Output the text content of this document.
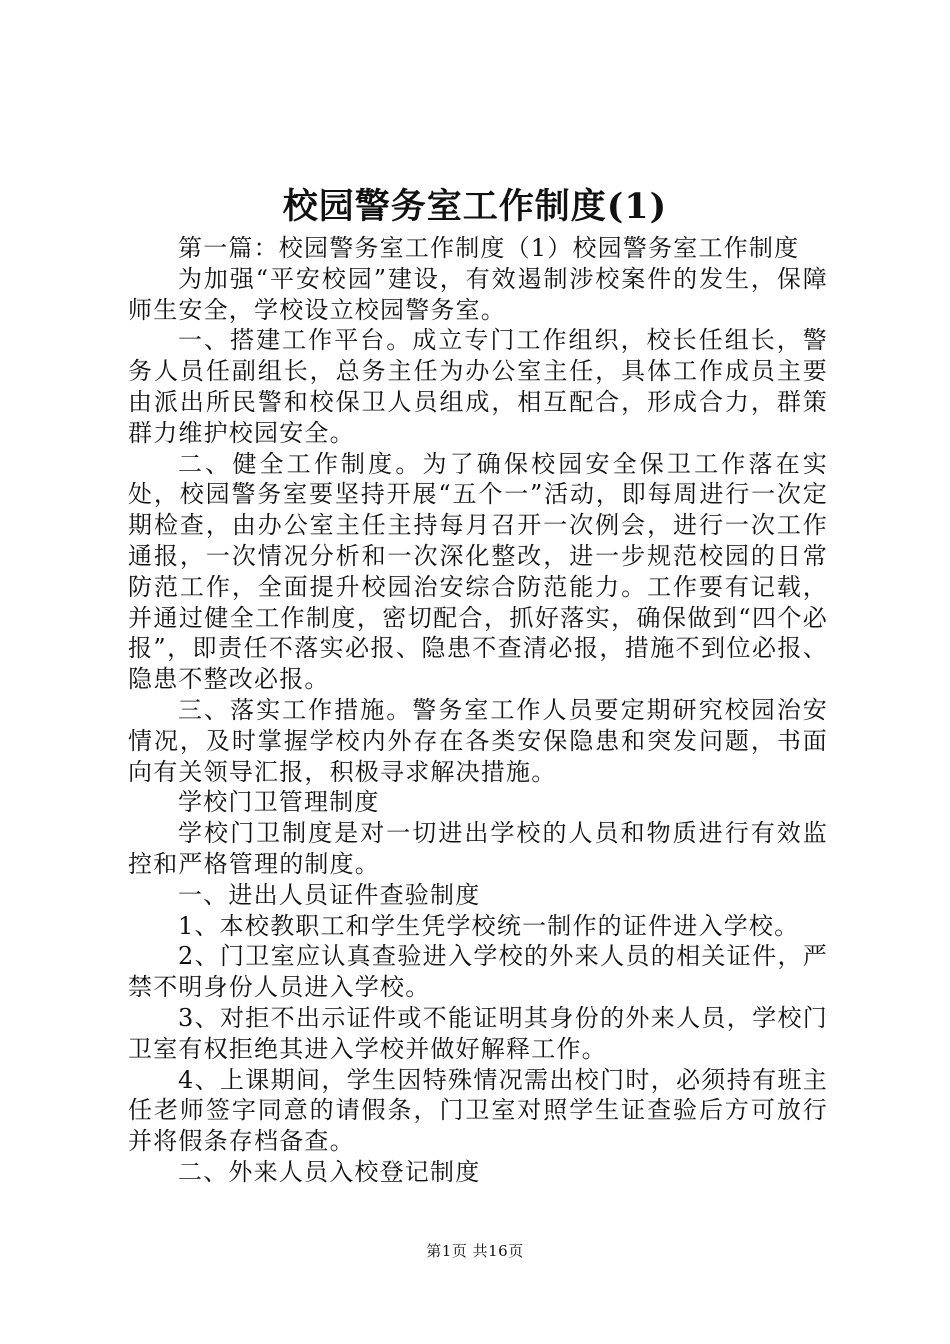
校园警务室工作制度(1)

第一篇：校园警务室工作制度（1）校园警务室工作制度

为加强“平安校园”建设，有效遏制涉校案件的发生，保障师生安全，学校设立校园警务室。

一、搭建工作平台。成立专门工作组织，校长任组长，警务人员任副组长，总务主任为办公室主任，具体工作成员主要由派出所民警和校保卫人员组成，相互配合，形成合力，群策群力维护校园安全。

二、健全工作制度。为了确保校园安全保卫工作落在实处，校园警务室要坚持开展“五个一”活动，即每周进行一次定期检查，由办公室主任主持每月召开一次例会，进行一次工作通报，一次情况分析和一次深化整改，进一步规范校园的日常防范工作，全面提升校园治安综合防范能力。工作要有记载，并通过健全工作制度，密切配合，抓好落实，确保做到“四个必报”，即责任不落实必报、隐患不查清必报，措施不到位必报、隐患不整改必报。

三、落实工作措施。警务室工作人员要定期研究校园治安情况，及时掌握学校内外存在各类安保隐患和突发问题，书面向有关领导汇报，积极寻求解决措施。

学校门卫管理制度

学校门卫制度是对一切进出学校的人员和物质进行有效监控和严格管理的制度。

一、进出人员证件查验制度

1、本校教职工和学生凭学校统一制作的证件进入学校。

2、门卫室应认真查验进入学校的外来人员的相关证件，严禁不明身份人员进入学校。

3、对拒不出示证件或不能证明其身份的外来人员，学校门卫室有权拒绝其进入学校并做好解释工作。

4、上课期间，学生因特殊情况需出校门时，必须持有班主任老师签字同意的请假条，门卫室对照学生证查验后方可放行并将假条存档备查。

二、外来人员入校登记制度

第1页 共16页
